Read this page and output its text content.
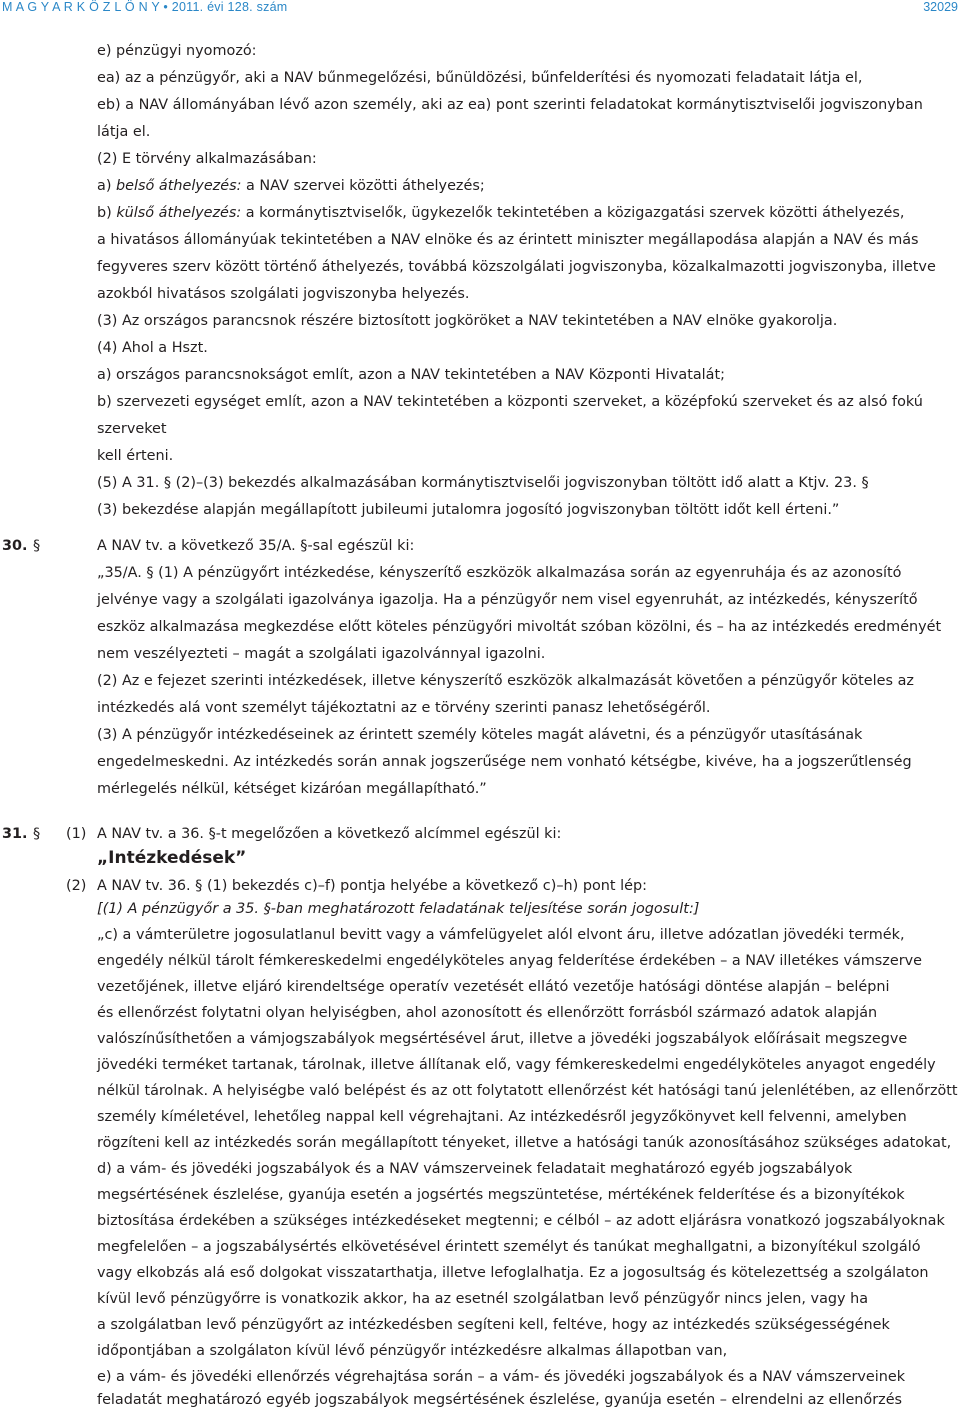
M A G Y A R K Ö Z L Ö N Y • 2011. évi 128. szám	32029
e) pénzügyi nyomozó:
ea) az a pénzügyőr, aki a NAV bűnmegelőzési, bűnüldözési, bűnfelderítési és nyomozati feladatait látja el,
eb) a NAV állományában lévő azon személy, aki az ea) pont szerinti feladatokat kormánytisztviselői jogviszonyban
látja el.
(2) E törvény alkalmazásában:
a) belső áthelyezés: a NAV szervei közötti áthelyezés;
b) külső áthelyezés: a kormánytisztviselők, ügykezelők tekintetében a közigazgatási szervek közötti áthelyezés,
a hivatásos állományúak tekintetében a NAV elnöke és az érintett miniszter megállapodása alapján a NAV és más
fegyveres szerv között történő áthelyezés, továbbá közszolgálati jogviszonyba, közalkalmazotti jogviszonyba, illetve
azokból hivatásos szolgálati jogviszonyba helyezés.
(3) Az országos parancsnok részére biztosított jogköröket a NAV tekintetében a NAV elnöke gyakorolja.
(4) Ahol a Hszt.
a) országos parancsnokságot említ, azon a NAV tekintetében a NAV Központi Hivatalát;
b) szervezeti egységet említ, azon a NAV tekintetében a központi szerveket, a középfokú szerveket és az alsó fokú
szerveket
kell érteni.
(5) A 31. § (2)–(3) bekezdés alkalmazásában kormánytisztviselői jogviszonyban töltött idő alatt a Ktjv. 23. §
(3) bekezdése alapján megállapított jubileumi jutalomra jogosító jogviszonyban töltött időt kell érteni.”
30. §	A NAV tv. a következő 35/A. §-sal egészül ki:
„35/A. § (1) A pénzügyőrt intézkedése, kényszerítő eszközök alkalmazása során az egyenruhája és az azonosító
jelvénye vagy a szolgálati igazolványa igazolja. Ha a pénzügyőr nem visel egyenruhát, az intézkedés, kényszerítő
eszköz alkalmazása megkezdése előtt köteles pénzügyőri mivoltát szóban közölni, és – ha az intézkedés eredményét
nem veszélyezteti – magát a szolgálati igazolvánnyal igazolni.
(2) Az e fejezet szerinti intézkedések, illetve kényszerítő eszközök alkalmazását követően a pénzügyőr köteles az
intézkedés alá vont személyt tájékoztatni az e törvény szerinti panasz lehetőségéről.
(3) A pénzügyőr intézkedéseinek az érintett személy köteles magát alávetni, és a pénzügyőr utasításának
engedelmeskedni. Az intézkedés során annak jogszerűsége nem vonható kétségbe, kivéve, ha a jogszerűtlenség
mérlegelés nélkül, kétséget kizáróan megállapítható.”
31. § (1) A NAV tv. a 36. §-t megelőzően a következő alcímmel egészül ki:
„Intézkedések”
(2) A NAV tv. 36. § (1) bekezdés c)–f) pontja helyébe a következő c)–h) pont lép:
[(1) A pénzügyőr a 35. §-ban meghatározott feladatának teljesítése során jogosult:]
„c) a vámterületre jogosulatlanul bevitt vagy a vámfelügyelet alól elvont áru, illetve adózatlan jövedéki termék,
engedély nélkül tárolt fémkereskedelmi engedélyköteles anyag felderítése érdekében – a NAV illetékes vámszerve
vezetőjének, illetve eljáró kirendeltsége operatív vezetését ellátó vezetője hatósági döntése alapján – belépni
és ellenőrzést folytatni olyan helyiségben, ahol azonosított és ellenőrzött forrásból származó adatok alapján
valószínűsíthetően a vámjogszabályok megsértésével árut, illetve a jövedéki jogszabályok előírásait megszegve
jövedéki terméket tartanak, tárolnak, illetve állítanak elő, vagy fémkereskedelmi engedélyköteles anyagot engedély
nélkül tárolnak. A helyiségbe való belépést és az ott folytatott ellenőrzést két hatósági tanú jelenlétében, az ellenőrzött
személy kíméletével, lehetőleg nappal kell végrehajtani. Az intézkedésről jegyzőkönyvet kell felvenni, amelyben
rögzíteni kell az intézkedés során megállapított tényeket, illetve a hatósági tanúk azonosításához szükséges adatokat,
d) a vám- és jövedéki jogszabályok és a NAV vámszerveinek feladatait meghatározó egyéb jogszabályok
megsértésének észlelése, gyanúja esetén a jogsértés megszüntetése, mértékének felderítése és a bizonyítékok
biztosítása érdekében a szükséges intézkedéseket megtenni; e célból – az adott eljárásra vonatkozó jogszabályoknak
megfelelően – a jogszabálysértés elkövetésével érintett személyt és tanúkat meghallgatni, a bizonyítékul szolgáló
vagy elkobzás alá eső dolgokat visszatarthatja, illetve lefoglalhatja. Ez a jogosultság és kötelezettség a szolgálaton
kívül levő pénzügyőrre is vonatkozik akkor, ha az esetnél szolgálatban levő pénzügyőr nincs jelen, vagy ha
a szolgálatban levő pénzügyőrt az intézkedésben segíteni kell, feltéve, hogy az intézkedés szükségességének
időpontjában a szolgálaton kívül lévő pénzügyőr intézkedésre alkalmas állapotban van,
e) a vám- és jövedéki ellenőrzés végrehajtása során – a vám- és jövedéki jogszabályok és a NAV vámszerveinek
feladatát meghatározó egyéb jogszabályok megsértésének észlelése, gyanúja esetén – elrendelni az ellenőrzés
